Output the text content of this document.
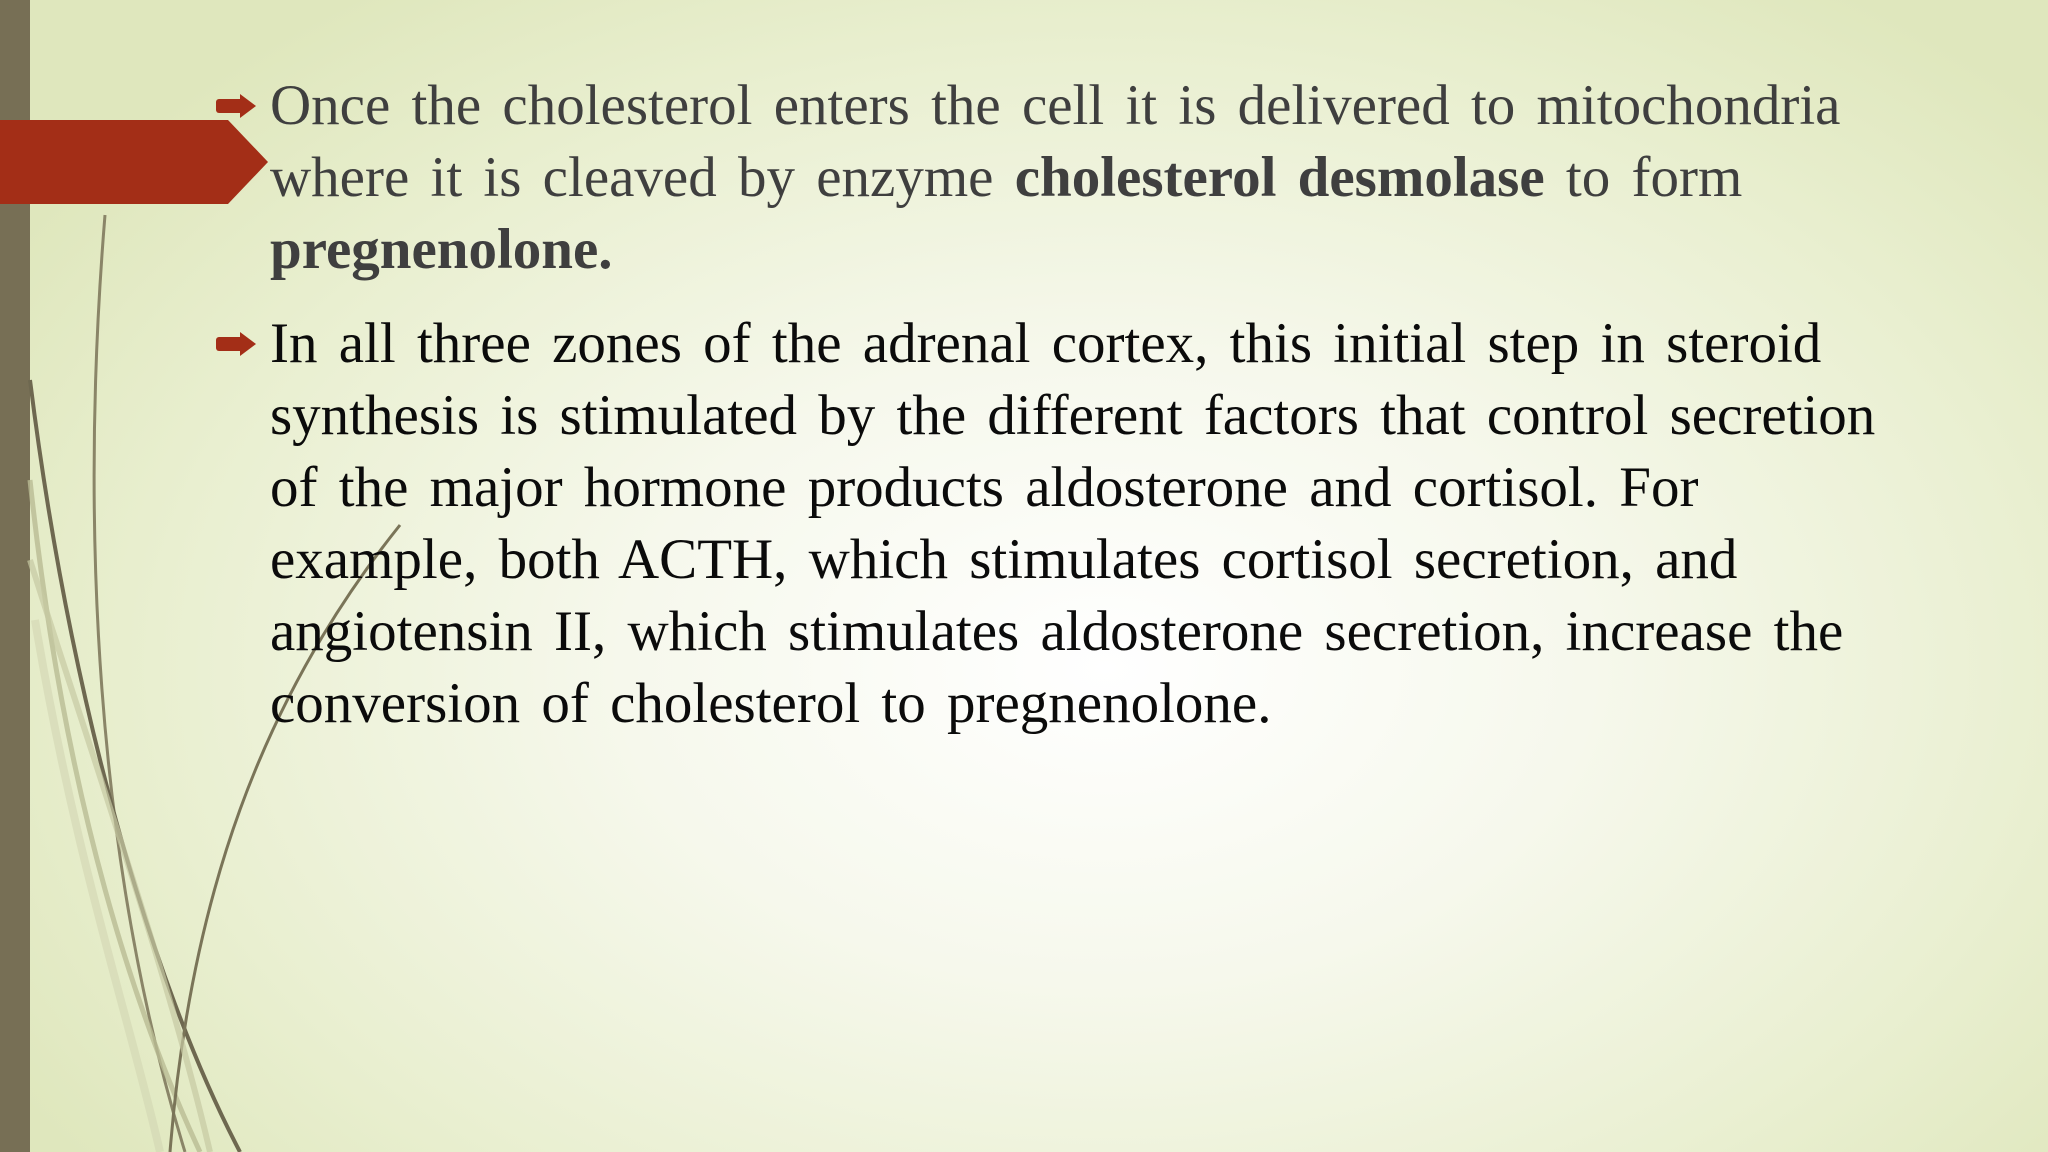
Once the cholesterol enters the cell it is delivered to mitochondria where it is cleaved by enzyme cholesterol desmolase to form pregnenolone.
In all three zones of the adrenal cortex, this initial step in steroid synthesis is stimulated by the different factors that control secretion of the major hormone products aldosterone and cortisol. For example, both ACTH, which stimulates cortisol secretion, and angiotensin II, which stimulates aldosterone secretion, increase the conversion of cholesterol to pregnenolone.
